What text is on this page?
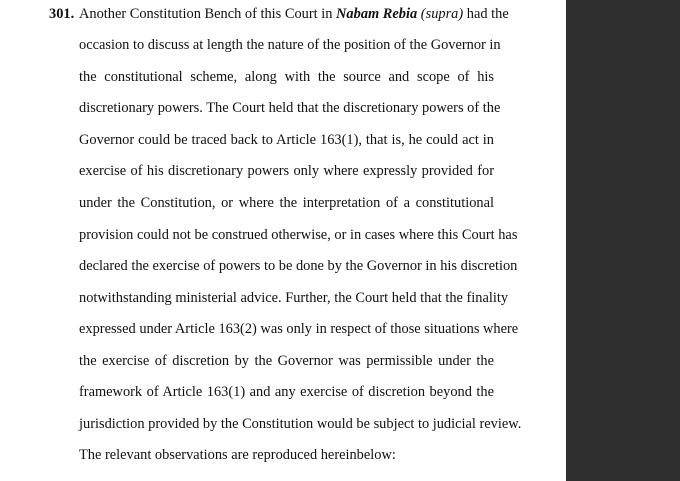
301. Another Constitution Bench of this Court in Nabam Rebia (supra) had the
occasion to discuss at length the nature of the position of the Governor in
the constitutional scheme, along with the source and scope of his
discretionary powers. The Court held that the discretionary powers of the
Governor could be traced back to Article 163(1), that is, he could act in
exercise of his discretionary powers only where expressly provided for
under the Constitution, or where the interpretation of a constitutional
provision could not be construed otherwise, or in cases where this Court has
declared the exercise of powers to be done by the Governor in his discretion
notwithstanding ministerial advice. Further, the Court held that the finality
expressed under Article 163(2) was only in respect of those situations where
the exercise of discretion by the Governor was permissible under the
framework of Article 163(1) and any exercise of discretion beyond the
jurisdiction provided by the Constitution would be subject to judicial review.
The relevant observations are reproduced hereinbelow:
